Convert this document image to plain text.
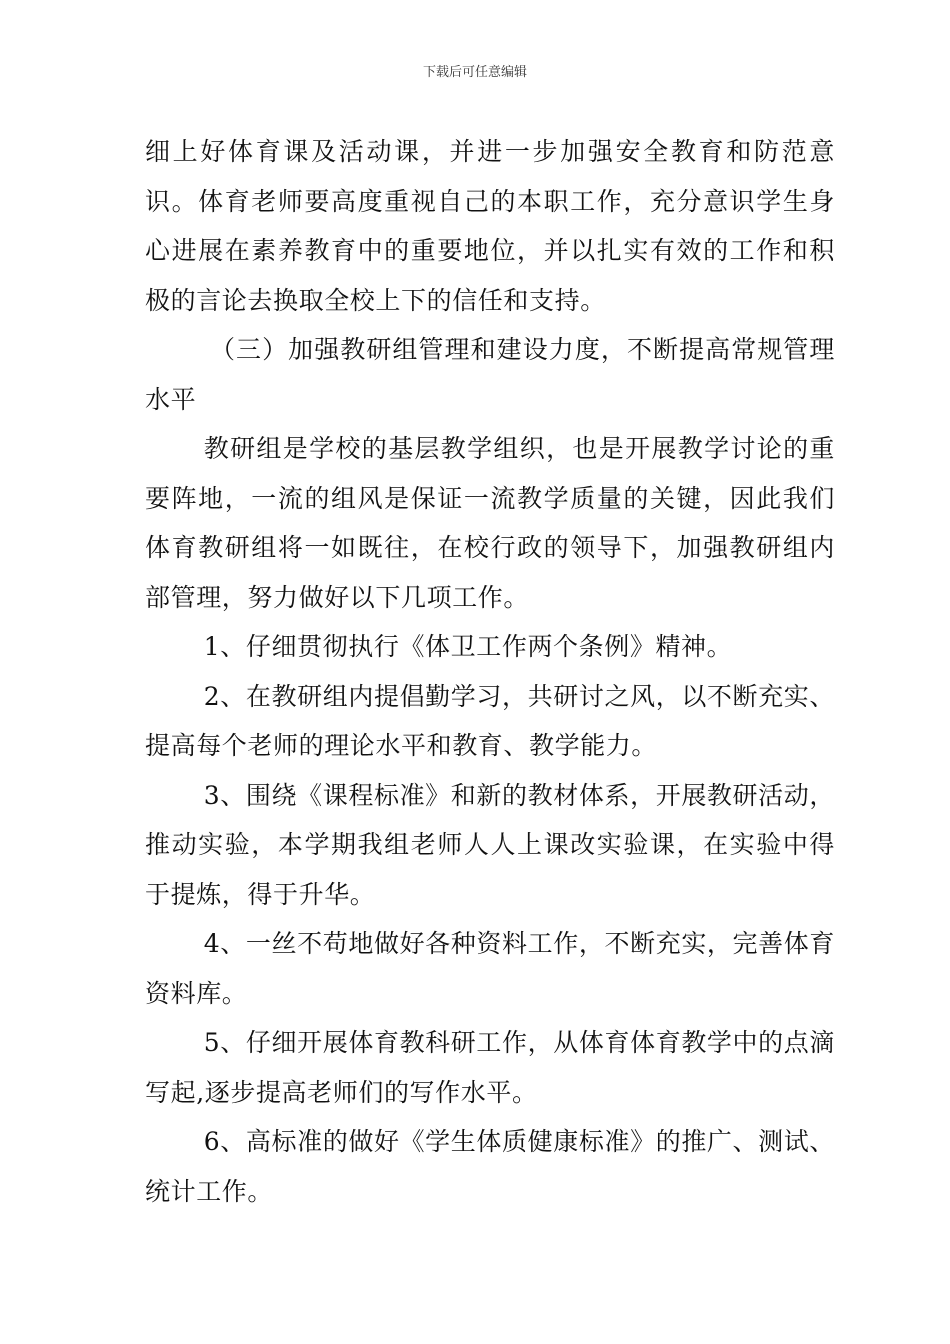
下载后可任意编辑

细上好体育课及活动课，并进一步加强安全教育和防范意识。体育老师要高度重视自己的本职工作，充分意识学生身心进展在素养教育中的重要地位，并以扎实有效的工作和积极的言论去换取全校上下的信任和支持。

（三）加强教研组管理和建设力度，不断提高常规管理水平

教研组是学校的基层教学组织，也是开展教学讨论的重要阵地，一流的组风是保证一流教学质量的关键，因此我们体育教研组将一如既往，在校行政的领导下，加强教研组内部管理，努力做好以下几项工作。

1、仔细贯彻执行《体卫工作两个条例》精神。

2、在教研组内提倡勤学习，共研讨之风，以不断充实、提高每个老师的理论水平和教育、教学能力。

3、围绕《课程标准》和新的教材体系，开展教研活动，推动实验，本学期我组老师人人上课改实验课，在实验中得于提炼，得于升华。

4、一丝不苟地做好各种资料工作，不断充实，完善体育资料库。

5、仔细开展体育教科研工作，从体育体育教学中的点滴写起,逐步提高老师们的写作水平。

6、高标准的做好《学生体质健康标准》的推广、测试、统计工作。
